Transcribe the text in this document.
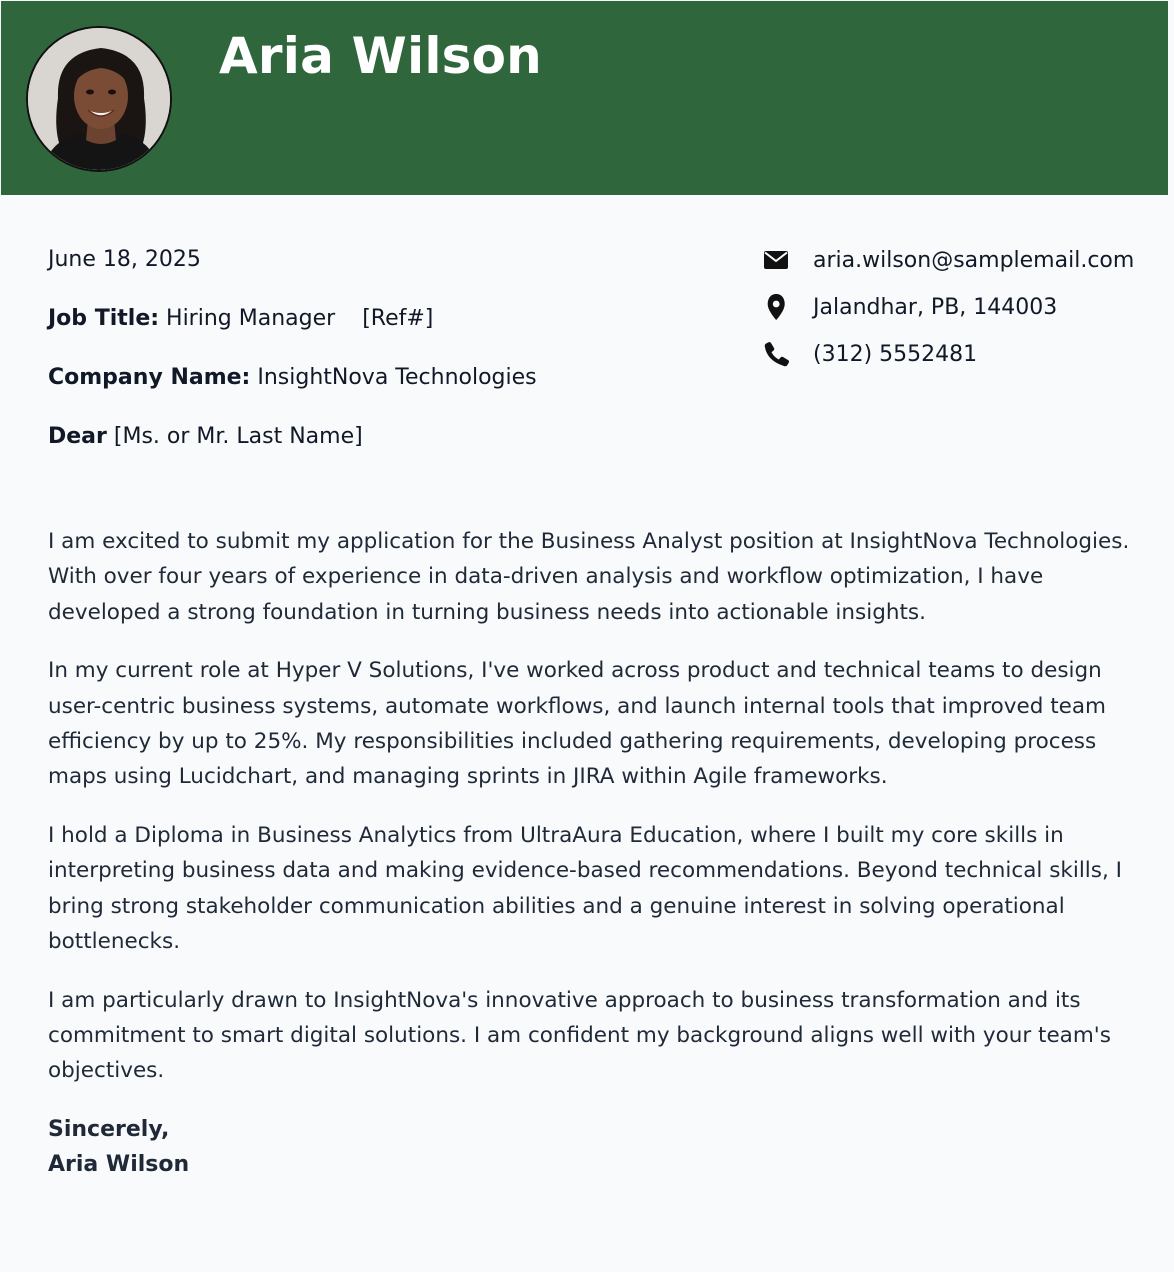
Aria Wilson
June 18, 2025
Job Title: Hiring Manager [Ref#]
Company Name: InsightNova Technologies
Dear [Ms. or Mr. Last Name]
aria.wilson@samplemail.com
Jalandhar, PB, 144003
(312) 5552481

I am excited to submit my application for the Business Analyst position at InsightNova Technologies. With over four years of experience in data-driven analysis and workflow optimization, I have developed a strong foundation in turning business needs into actionable insights.

In my current role at Hyper V Solutions, I've worked across product and technical teams to design user-centric business systems, automate workflows, and launch internal tools that improved team efficiency by up to 25%. My responsibilities included gathering requirements, developing process maps using Lucidchart, and managing sprints in JIRA within Agile frameworks.

I hold a Diploma in Business Analytics from UltraAura Education, where I built my core skills in interpreting business data and making evidence-based recommendations. Beyond technical skills, I bring strong stakeholder communication abilities and a genuine interest in solving operational bottlenecks.

I am particularly drawn to InsightNova's innovative approach to business transformation and its commitment to smart digital solutions. I am confident my background aligns well with your team's objectives.

Sincerely,
Aria Wilson
